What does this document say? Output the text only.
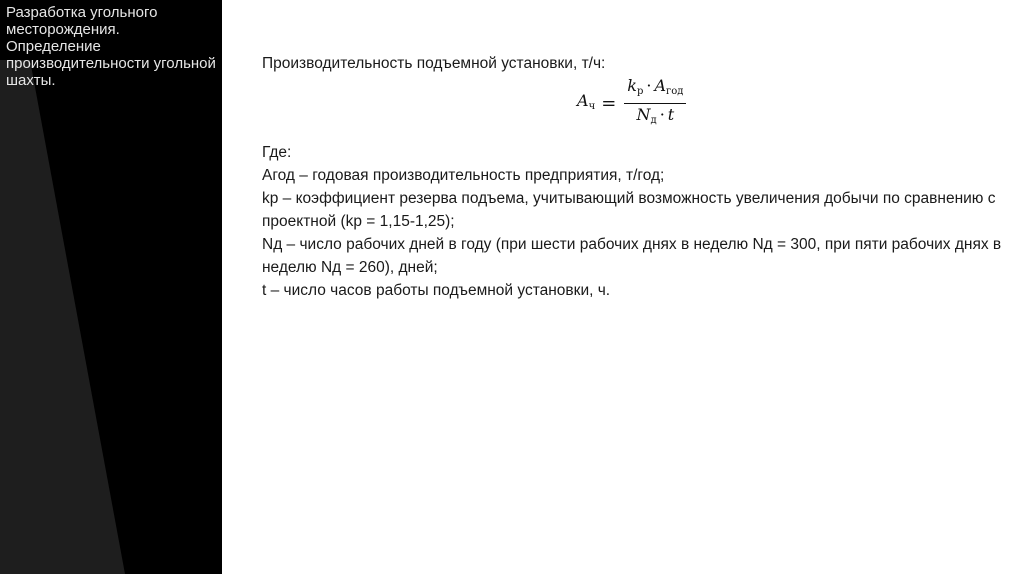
Разработка угольного месторождения. Определение производительности угольной шахты.

Производительность подъемной установки, т/ч:

$A_ч = \frac{k_р \cdot A_{год}}{N_д \cdot t}$

Где:

Агод – годовая производительность предприятия, т/год;

kр – коэффициент резерва подъема, учитывающий возможность увеличения добычи по сравнению с проектной (kр = 1,15-1,25);

Nд – число рабочих дней в году (при шести рабочих днях в неделю Nд = 300, при пяти рабочих днях в неделю Nд = 260), дней;

t – число часов работы подъемной установки, ч.
